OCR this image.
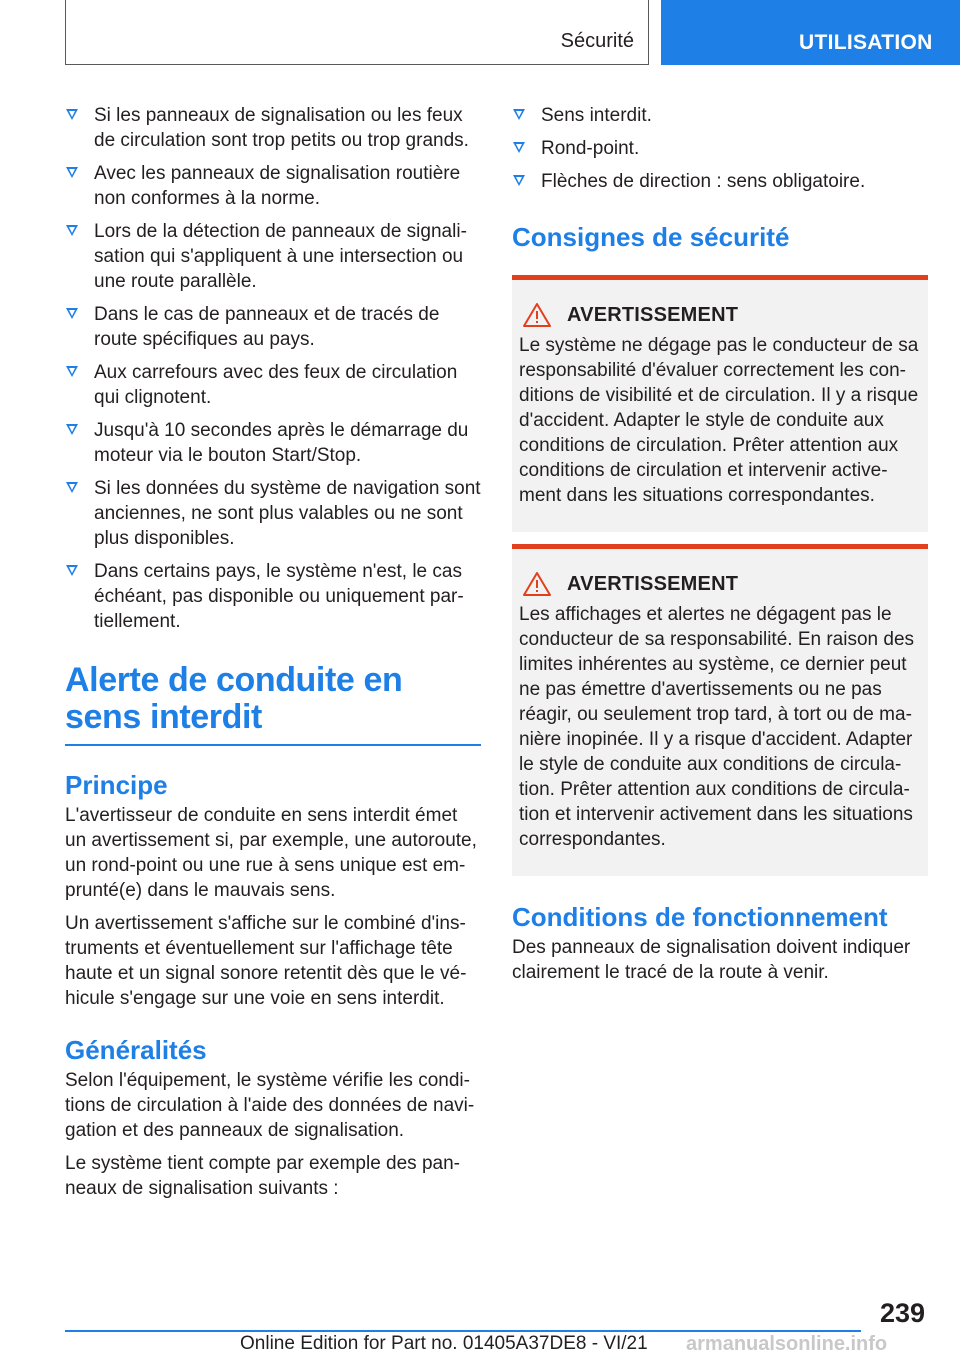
Sécurité	UTILISATION
Si les panneaux de signalisation ou les feux de circulation sont trop petits ou trop grands.
Avec les panneaux de signalisation routière non conformes à la norme.
Lors de la détection de panneaux de signalisation qui s'appliquent à une intersection ou une route parallèle.
Dans le cas de panneaux et de tracés de route spécifiques au pays.
Aux carrefours avec des feux de circulation qui clignotent.
Jusqu'à 10 secondes après le démarrage du moteur via le bouton Start/Stop.
Si les données du système de navigation sont anciennes, ne sont plus valables ou ne sont plus disponibles.
Dans certains pays, le système n'est, le cas échéant, pas disponible ou uniquement partiellement.
Alerte de conduite en sens interdit
Principe

L'avertisseur de conduite en sens interdit émet un avertissement si, par exemple, une autoroute, un rond-point ou une rue à sens unique est emprunté(e) dans le mauvais sens.

Un avertissement s'affiche sur le combiné d'instruments et éventuellement sur l'affichage tête haute et un signal sonore retentit dès que le véhicule s'engage sur une voie en sens interdit.

Généralités

Selon l'équipement, le système vérifie les conditions de circulation à l'aide des données de navigation et des panneaux de signalisation.

Le système tient compte par exemple des panneaux de signalisation suivants :

Sens interdit.
Rond-point.
Flèches de direction : sens obligatoire.
Consignes de sécurité
AVERTISSEMENT

Le système ne dégage pas le conducteur de sa responsabilité d'évaluer correctement les conditions de visibilité et de circulation. Il y a risque d'accident. Adapter le style de conduite aux conditions de circulation. Prêter attention aux conditions de circulation et intervenir activement dans les situations correspondantes.

AVERTISSEMENT

Les affichages et alertes ne dégagent pas le conducteur de sa responsabilité. En raison des limites inhérentes au système, ce dernier peut ne pas émettre d'avertissements ou ne pas réagir, ou seulement trop tard, à tort ou de manière inopinée. Il y a risque d'accident. Adapter le style de conduite aux conditions de circulation. Prêter attention aux conditions de circulation et intervenir activement dans les situations correspondantes.

Conditions de fonctionnement

Des panneaux de signalisation doivent indiquer clairement le tracé de la route à venir.

239
Online Edition for Part no. 01405A37DE8 - VI/21 armanualsonline.info
